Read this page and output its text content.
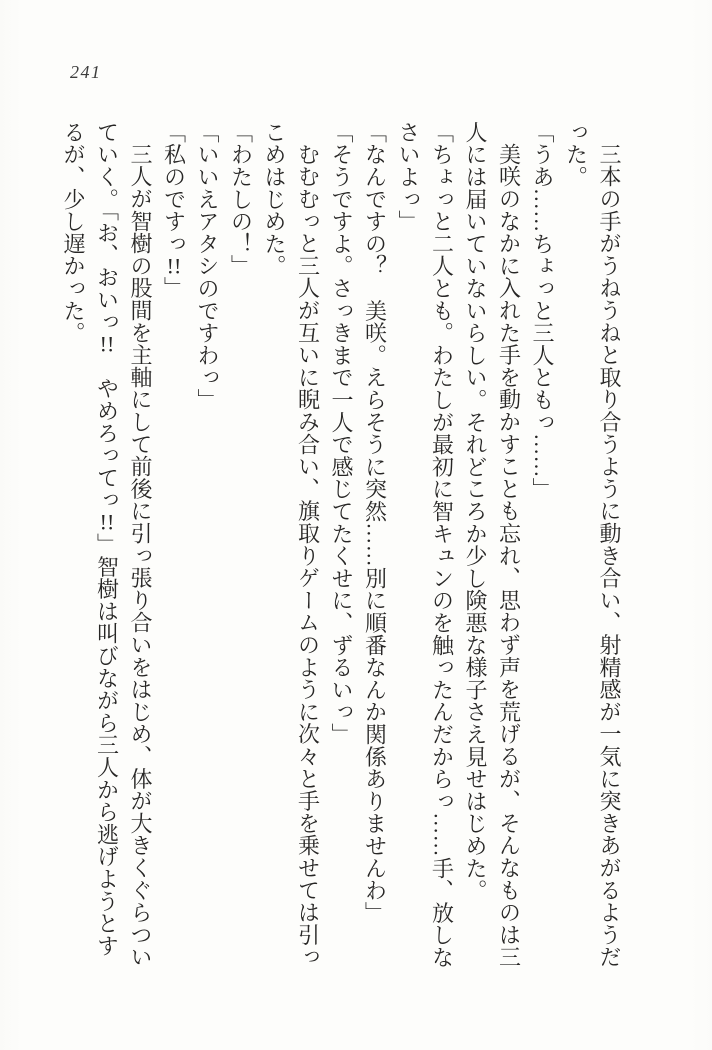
241

三本の手がうねうねと取り合うように動き合い、射精感が一気に突きあがるようだった。

「うあ……ちょっと三人ともっ……」

美咲のなかに入れた手を動かすことも忘れ、思わず声を荒げるが、そんなものは三人には届いていないらしい。それどころか少し険悪な様子さえ見せはじめた。

「ちょっと二人とも。わたしが最初に智キュンのを触ったんだからっ……手、放しなさいよっ」

「なんですの？　美咲。えらそうに突然……別に順番なんか関係ありませんわ」

「そうですよ。さっきまで一人で感じてたくせに、ずるいっ」

むむむっと三人が互いに睨み合い、旗取りゲームのように次々と手を乗せては引っこめはじめた。

「わたしの！」

「いいえアタシのですわっ」

「私のですっ!!」

三人が智樹の股間を主軸にして前後に引っ張り合いをはじめ、体が大きくぐらついていく。「お、おいっ!!　やめろってっ!!」智樹は叫びながら三人から逃げようとするが、少し遅かった。
